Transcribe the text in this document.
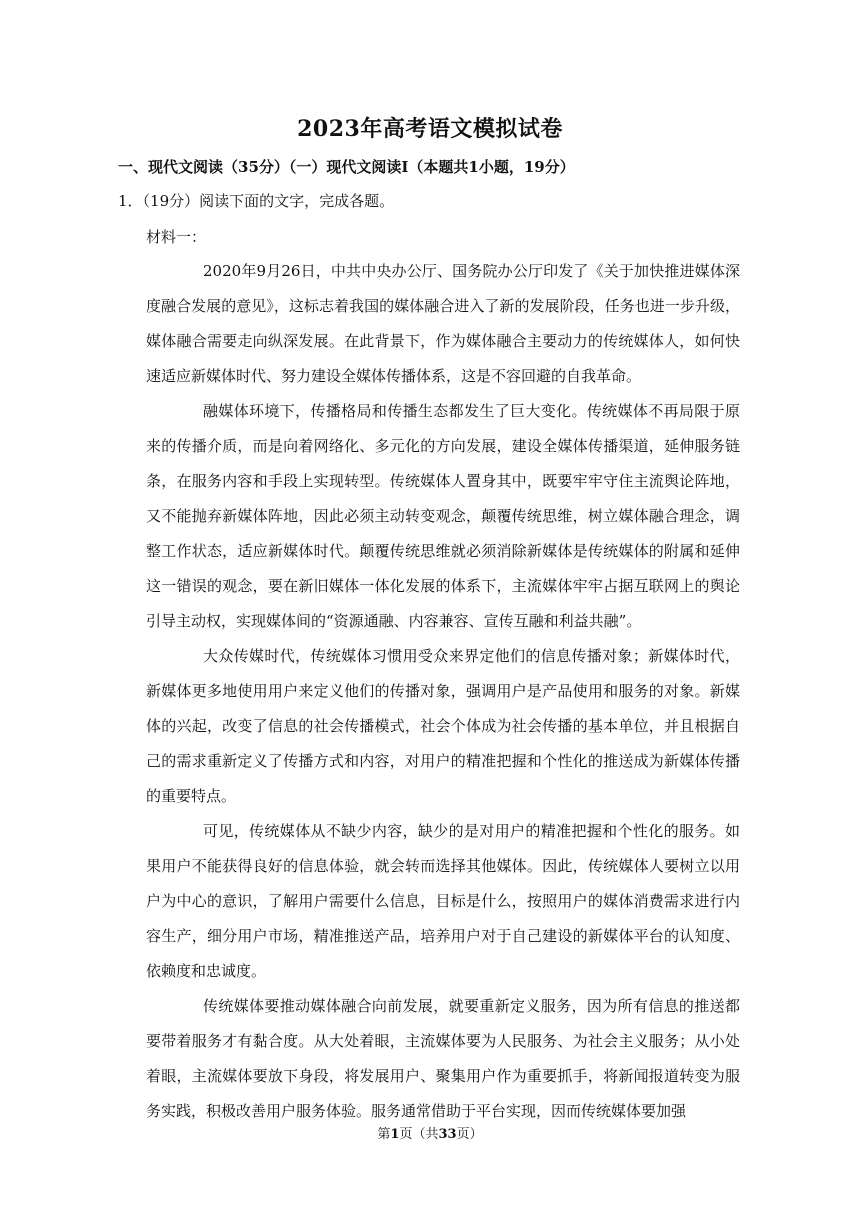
2023年高考语文模拟试卷
一、现代文阅读（35分）（一）现代文阅读Ⅰ（本题共1小题，19分）
1．（19分）阅读下面的文字，完成各题。
材料一：

2020年9月26日，中共中央办公厅、国务院办公厅印发了《关于加快推进媒体深度融合发展的意见》，这标志着我国的媒体融合进入了新的发展阶段，任务也进一步升级，媒体融合需要走向纵深发展。在此背景下，作为媒体融合主要动力的传统媒体人，如何快速适应新媒体时代、努力建设全媒体传播体系，这是不容回避的自我革命。

融媒体环境下，传播格局和传播生态都发生了巨大变化。传统媒体不再局限于原来的传播介质，而是向着网络化、多元化的方向发展，建设全媒体传播渠道，延伸服务链条，在服务内容和手段上实现转型。传统媒体人置身其中，既要牢牢守住主流舆论阵地，又不能抛弃新媒体阵地，因此必须主动转变观念，颠覆传统思维，树立媒体融合理念，调整工作状态，适应新媒体时代。颠覆传统思维就必须消除新媒体是传统媒体的附属和延伸这一错误的观念，要在新旧媒体一体化发展的体系下，主流媒体牢牢占据互联网上的舆论引导主动权，实现媒体间的“资源通融、内容兼容、宣传互融和利益共融”。

大众传媒时代，传统媒体习惯用受众来界定他们的信息传播对象；新媒体时代，新媒体更多地使用用户来定义他们的传播对象，强调用户是产品使用和服务的对象。新媒体的兴起，改变了信息的社会传播模式，社会个体成为社会传播的基本单位，并且根据自己的需求重新定义了传播方式和内容，对用户的精准把握和个性化的推送成为新媒体传播的重要特点。

可见，传统媒体从不缺少内容，缺少的是对用户的精准把握和个性化的服务。如果用户不能获得良好的信息体验，就会转而选择其他媒体。因此，传统媒体人要树立以用户为中心的意识，了解用户需要什么信息，目标是什么，按照用户的媒体消费需求进行内容生产，细分用户市场，精准推送产品，培养用户对于自己建设的新媒体平台的认知度、依赖度和忠诚度。

传统媒体要推动媒体融合向前发展，就要重新定义服务，因为所有信息的推送都要带着服务才有黏合度。从大处着眼，主流媒体要为人民服务、为社会主义服务；从小处着眼，主流媒体要放下身段，将发展用户、聚集用户作为重要抓手，将新闻报道转变为服务实践，积极改善用户服务体验。服务通常借助于平台实现，因而传统媒体要加强

第1页（共33页）
